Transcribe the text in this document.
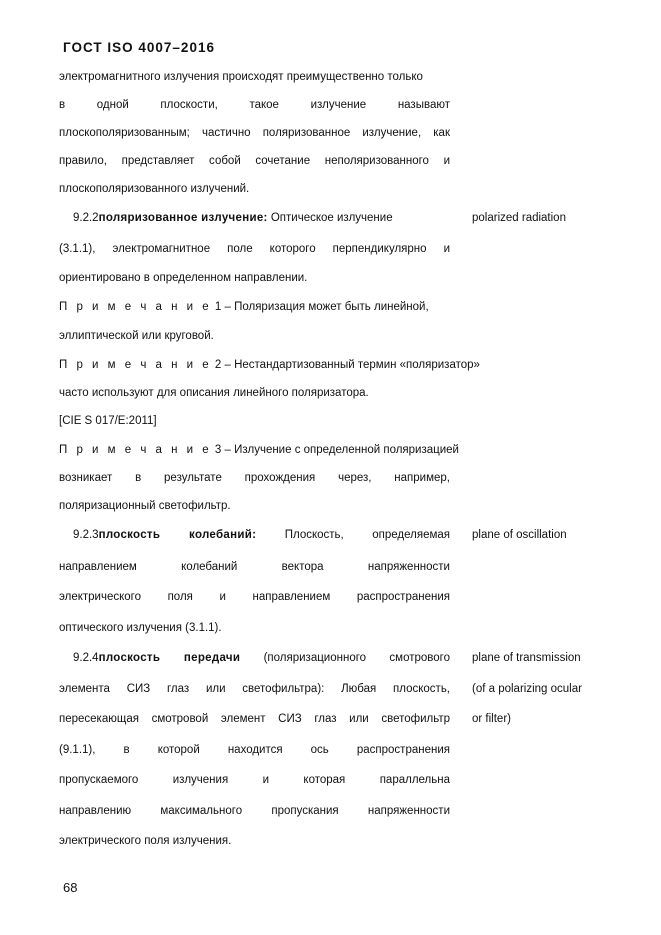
ГОСТ ISO 4007–2016
электромагнитного излучения происходят преимущественно только
в одной плоскости, такое излучение называют
плоскополяризованным; частично поляризованное излучение, как
правило, представляет собой сочетание неполяризованного и
плоскополяризованного излучений.
9.2.2поляризованное излучение: Оптическое излучение	polarized radiation
(3.1.1), электромагнитное поле которого перпендикулярно и
ориентировано в определенном направлении.
П р и м е ч а н и е 1 – Поляризация может быть линейной,
эллиптической или круговой.
П р и м е ч а н и е 2 – Нестандартизованный термин «поляризатор»
часто используют для описания линейного поляризатора.
[CIE S 017/E:2011]
П р и м е ч а н и е 3 – Излучение с определенной поляризацией
возникает в результате прохождения через, например,
поляризационный светофильтр.
9.2.3плоскость колебаний: Плоскость, определяемая plane of oscillation
направлением колебаний вектора напряженности
электрического поля и направлением распространения
оптического излучения (3.1.1).
9.2.4плоскость передачи (поляризационного смотрового plane of transmission
(of a polarizing ocular
or filter)
элемента СИЗ глаз или светофильтра): Любая плоскость,
пересекающая смотровой элемент СИЗ глаз или светофильтр
(9.1.1), в которой находится ось распространения
пропускаемого излучения и которая параллельна
направлению максимального пропускания напряженности
электрического поля излучения.
68
